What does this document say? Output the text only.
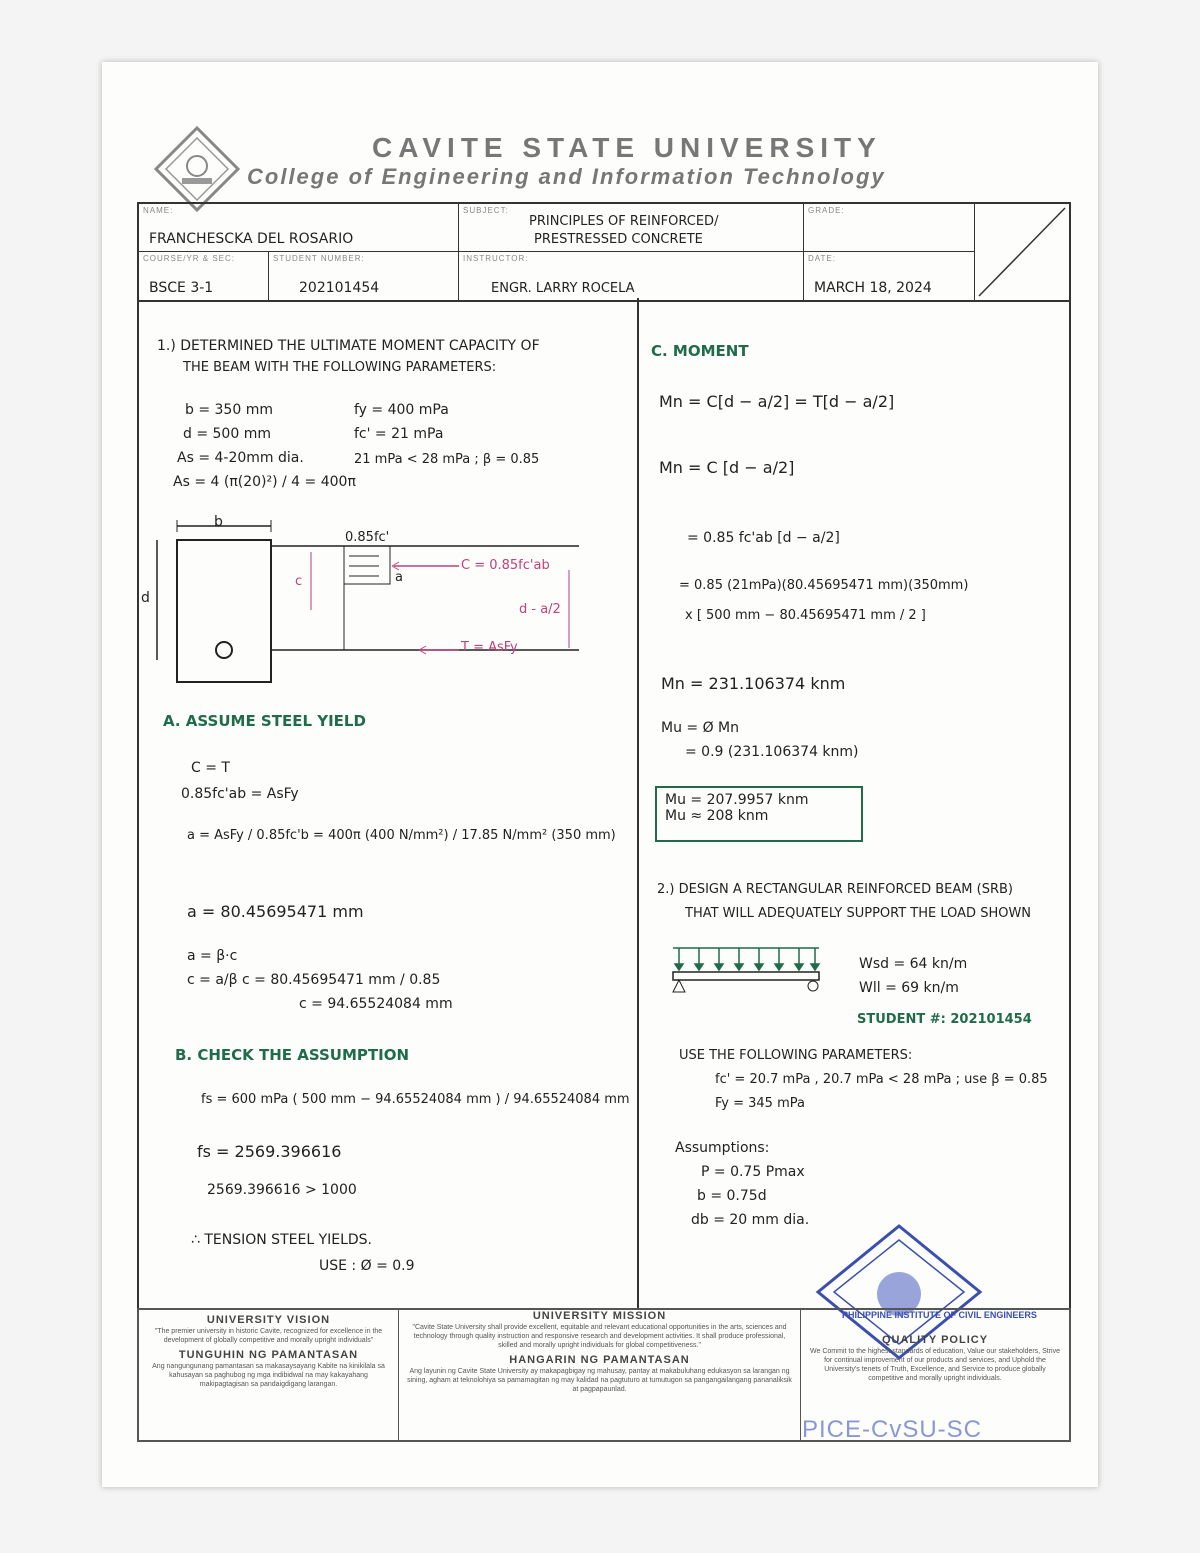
CAVITE STATE UNIVERSITY
College of Engineering and Information Technology
NAME:
FRANCHESCKA DEL ROSARIO
SUBJECT:
PRINCIPLES OF REINFORCED/
PRESTRESSED CONCRETE
GRADE:
COURSE/YR & SEC:
BSCE 3-1
STUDENT NUMBER:
202101454
INSTRUCTOR:
ENGR. LARRY ROCELA
DATE:
MARCH 18, 2024
1.) DETERMINED THE ULTIMATE MOMENT CAPACITY OF
THE BEAM WITH THE FOLLOWING PARAMETERS:
b = 350 mm
d = 500 mm
As = 4-20mm dia.
As = 4 (π(20)²) / 4 = 400π
fy = 400 mPa
fc' = 21 mPa
21 mPa < 28 mPa ; β = 0.85
b
d
c	a
0.85fc'
C = 0.85fc'ab
d - a/2
T = AsFy
A. ASSUME STEEL YIELD
C = T
0.85fc'ab = AsFy
a = AsFy / 0.85fc'b = 400π (400 N/mm²) / 17.85 N/mm² (350 mm)
a = 80.45695471 mm
a = β·c
c = a/β c = 80.45695471 mm / 0.85
c = 94.65524084 mm
B. CHECK THE ASSUMPTION
fs = 600 mPa ( 500 mm − 94.65524084 mm ) / 94.65524084 mm
fs = 2569.396616
2569.396616 > 1000
∴ TENSION STEEL YIELDS.
USE : Ø = 0.9
C. MOMENT
Mn = C[d − a/2] = T[d − a/2]
Mn = C [d − a/2]
= 0.85 fc'ab [d − a/2]
= 0.85 (21mPa)(80.45695471 mm)(350mm)
x [ 500 mm − 80.45695471 mm / 2 ]
Mn = 231.106374 knm
Mu = Ø Mn
= 0.9 (231.106374 knm)
Mu = 207.9957 knm
Mu ≈ 208 knm
2.) DESIGN A RECTANGULAR REINFORCED BEAM (SRB)
THAT WILL ADEQUATELY SUPPORT THE LOAD SHOWN
Wsd = 64 kn/m
Wll = 69 kn/m
STUDENT #: 202101454
USE THE FOLLOWING PARAMETERS:
fc' = 20.7 mPa , 20.7 mPa < 28 mPa ; use β = 0.85
Fy = 345 mPa
Assumptions:
P = 0.75 Pmax
b = 0.75d
db = 20 mm dia.
PHILIPPINE INSTITUTE OF CIVIL ENGINEERS
PICE-CvSU-SC
UNIVERSITY VISION
"The premier university in historic Cavite, recognized for excellence in the development of globally competitive and morally upright individuals"
TUNGUHIN NG PAMANTASAN
Ang nangungunang pamantasan sa makasaysayang Kabite na kinikilala sa kahusayan sa paghubog ng mga indibidwal na may kakayahang makipagtagisan sa pandaigdigang larangan.
UNIVERSITY MISSION
"Cavite State University shall provide excellent, equitable and relevant educational opportunities in the arts, sciences and technology through quality instruction and responsive research and development activities. It shall produce professional, skilled and morally upright individuals for global competitiveness."
HANGARIN NG PAMANTASAN
Ang layunin ng Cavite State University ay makapagbigay ng mahusay, pantay at makabuluhang edukasyon sa larangan ng sining, agham at teknolohiya sa pamamagitan ng may kalidad na pagtuturo at tumutugon sa pangangailangang pananaliksik at pagpapaunlad.
QUALITY POLICY
We Commit to the highest standards of education, Value our stakeholders, Strive for continual improvement of our products and services, and Uphold the University's tenets of Truth, Excellence, and Service to produce globally competitive and morally upright individuals.
